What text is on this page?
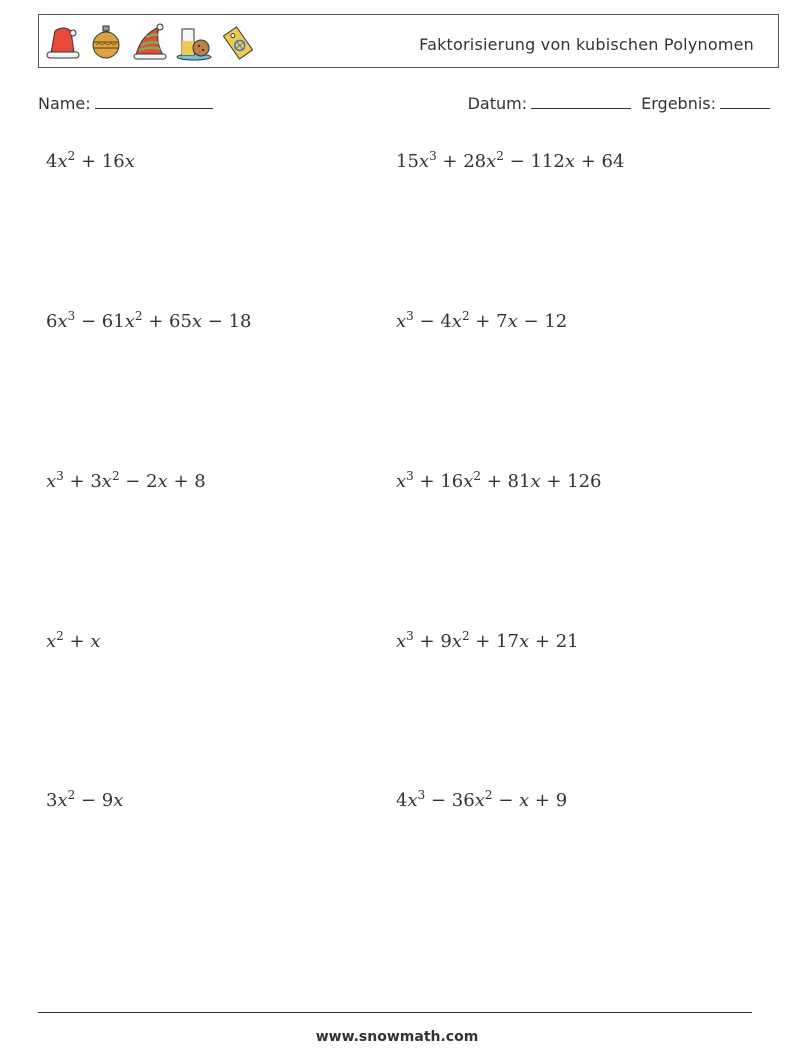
Faktorisierung von kubischen Polynomen
Name:	Datum:	Ergebnis:
$4x^2 + 16x$	$15x^3 + 28x^2 - 112x + 64$
$6x^3 - 61x^2 + 65x - 18$	$x^3 - 4x^2 + 7x - 12$
$x^3 + 3x^2 - 2x + 8$	$x^3 + 16x^2 + 81x + 126$
$x^2 + x$	$x^3 + 9x^2 + 17x + 21$
$3x^2 - 9x$	$4x^3 - 36x^2 - x + 9$
www.snowmath.com
